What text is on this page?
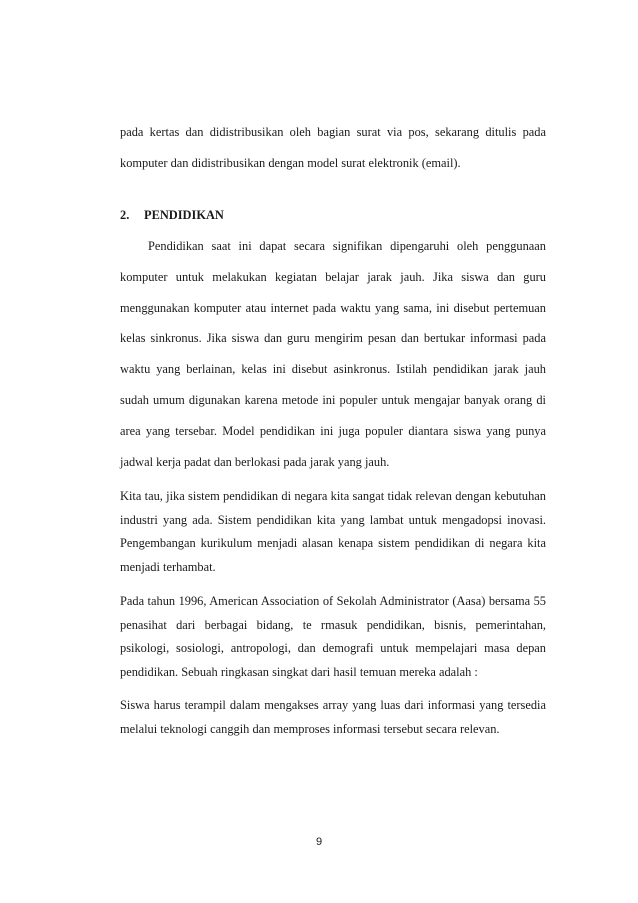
pada kertas dan didistribusikan oleh bagian surat via pos, sekarang ditulis pada komputer dan didistribusikan dengan model surat elektronik (email).

2. PENDIDIKAN

Pendidikan saat ini dapat secara signifikan dipengaruhi oleh penggunaan komputer untuk melakukan kegiatan belajar jarak jauh. Jika siswa dan guru menggunakan komputer atau internet pada waktu yang sama, ini disebut pertemuan kelas sinkronus. Jika siswa dan guru mengirim pesan dan bertukar informasi pada waktu yang berlainan, kelas ini disebut asinkronus. Istilah pendidikan jarak jauh sudah umum digunakan karena metode ini populer untuk mengajar banyak orang di area yang tersebar. Model pendidikan ini juga populer diantara siswa yang punya jadwal kerja padat dan berlokasi pada jarak yang jauh.

Kita tau, jika sistem pendidikan di negara kita sangat tidak relevan dengan kebutuhan industri yang ada. Sistem pendidikan kita yang lambat untuk mengadopsi inovasi. Pengembangan kurikulum menjadi alasan kenapa sistem pendidikan di negara kita menjadi terhambat.

Pada tahun 1996, American Association of Sekolah Administrator (Aasa) bersama 55 penasihat dari berbagai bidang, te rmasuk pendidikan, bisnis, pemerintahan, psikologi, sosiologi, antropologi, dan demografi untuk mempelajari masa depan pendidikan. Sebuah ringkasan singkat dari hasil temuan mereka adalah :

Siswa harus terampil dalam mengakses array yang luas dari informasi yang tersedia melalui teknologi canggih dan memproses informasi tersebut secara relevan.

9
